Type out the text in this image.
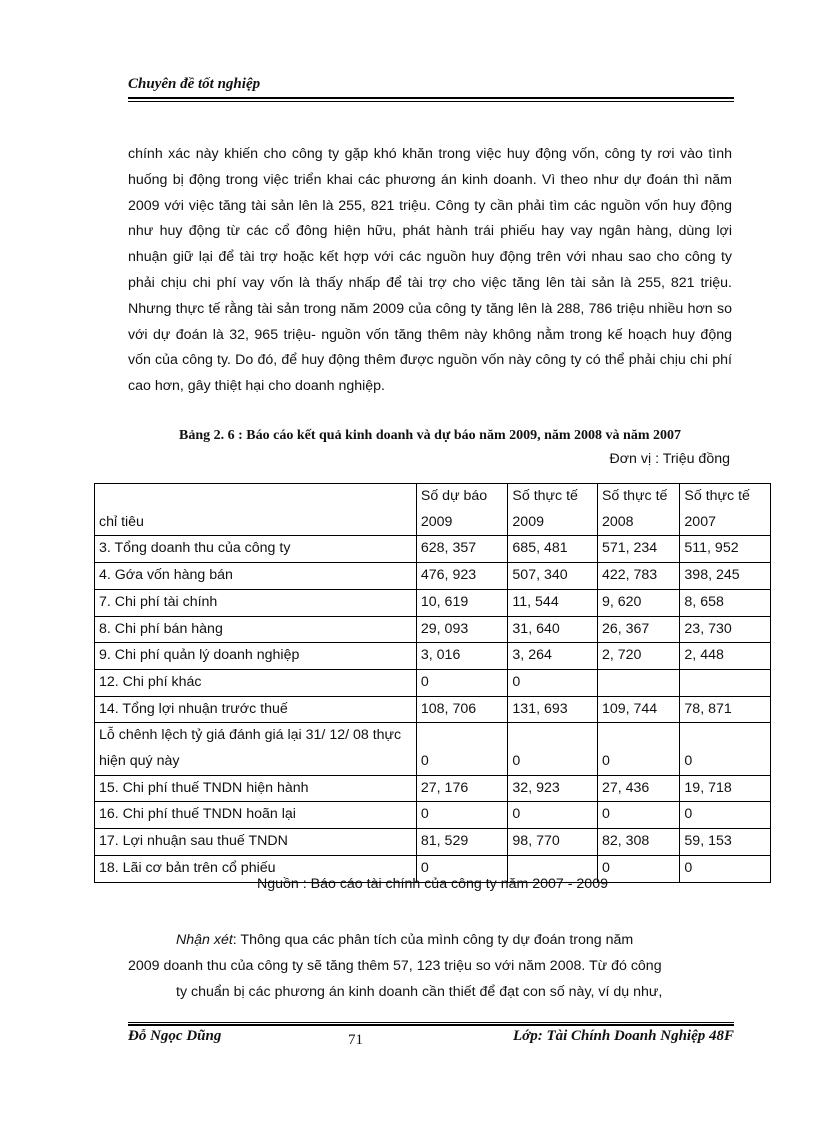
Chuyên đề tốt nghiệp
chính xác này khiến cho công ty gặp khó khăn trong việc huy động vốn, công ty rơi vào tình huống bị động trong việc triển khai các phương án kinh doanh. Vì theo như dự đoán thì năm 2009 với việc tăng tài sản lên là 255, 821 triệu. Công ty cần phải tìm các nguồn vốn huy động như huy động từ các cổ đông hiện hữu, phát hành trái phiếu hay vay ngân hàng, dùng lợi nhuận giữ lại để tài trợ hoặc kết hợp với các nguồn huy động trên với nhau sao cho công ty phải chịu chi phí vay vốn là thấy nhấp để tài trợ cho việc tăng lên tài sản là 255, 821 triệu. Nhưng thực tế rằng tài sản trong năm 2009 của công ty tăng lên là 288, 786 triệu nhiều hơn so với dự đoán là 32, 965 triệu- nguồn vốn tăng thêm này không nằm trong kế hoạch huy động vốn của công ty. Do đó, để huy động thêm được nguồn vốn này công ty có thể phải chịu chi phí cao hơn, gây thiệt hại cho doanh nghiệp.
Bảng 2. 6 : Báo cáo kết quả kinh doanh và dự báo năm 2009, năm 2008 và năm 2007
Đơn vị : Triệu đồng
chỉ tiêu	Số dự báo 2009	Số thực tế 2009	Số thực tế 2008	Số thực tế 2007
3. Tổng doanh thu của công ty	628, 357	685, 481	571, 234	511, 952
4. Gớa vốn hàng bán	476, 923	507, 340	422, 783	398, 245
7. Chi phí tài chính	10, 619	11, 544	9, 620	8, 658
8. Chi phí bán hàng	29, 093	31, 640	26, 367	23, 730
9. Chi phí quản lý doanh nghiệp	3, 016	3, 264	2, 720	2, 448
12. Chi phí khác	0	0		
14. Tổng lợi nhuận trước thuế	108, 706	131, 693	109, 744	78, 871
Lỗ chênh lệch tỷ giá đánh giá lại 31/ 12/ 08 thực hiện quý này	0	0	0	0
15. Chi phí thuế TNDN hiện hành	27, 176	32, 923	27, 436	19, 718
16. Chi phí thuế TNDN hoãn lại	0	0	0	0
17. Lợi nhuận sau thuế TNDN	81, 529	98, 770	82, 308	59, 153
18. Lãi cơ bản trên cổ phiếu	0		0	0
Nguồn : Báo cáo tài chính của công ty năm 2007 - 2009
Nhận xét: Thông qua các phân tích của mình công ty dự đoán trong năm
2009 doanh thu của công ty sẽ tăng thêm 57, 123 triệu so với năm 2008. Từ đó công
ty chuẩn bị các phương án kinh doanh cần thiết để đạt con số này, ví dụ như,
Đỗ Ngọc Dũng	71	Lớp: Tài Chính Doanh Nghiệp 48F
